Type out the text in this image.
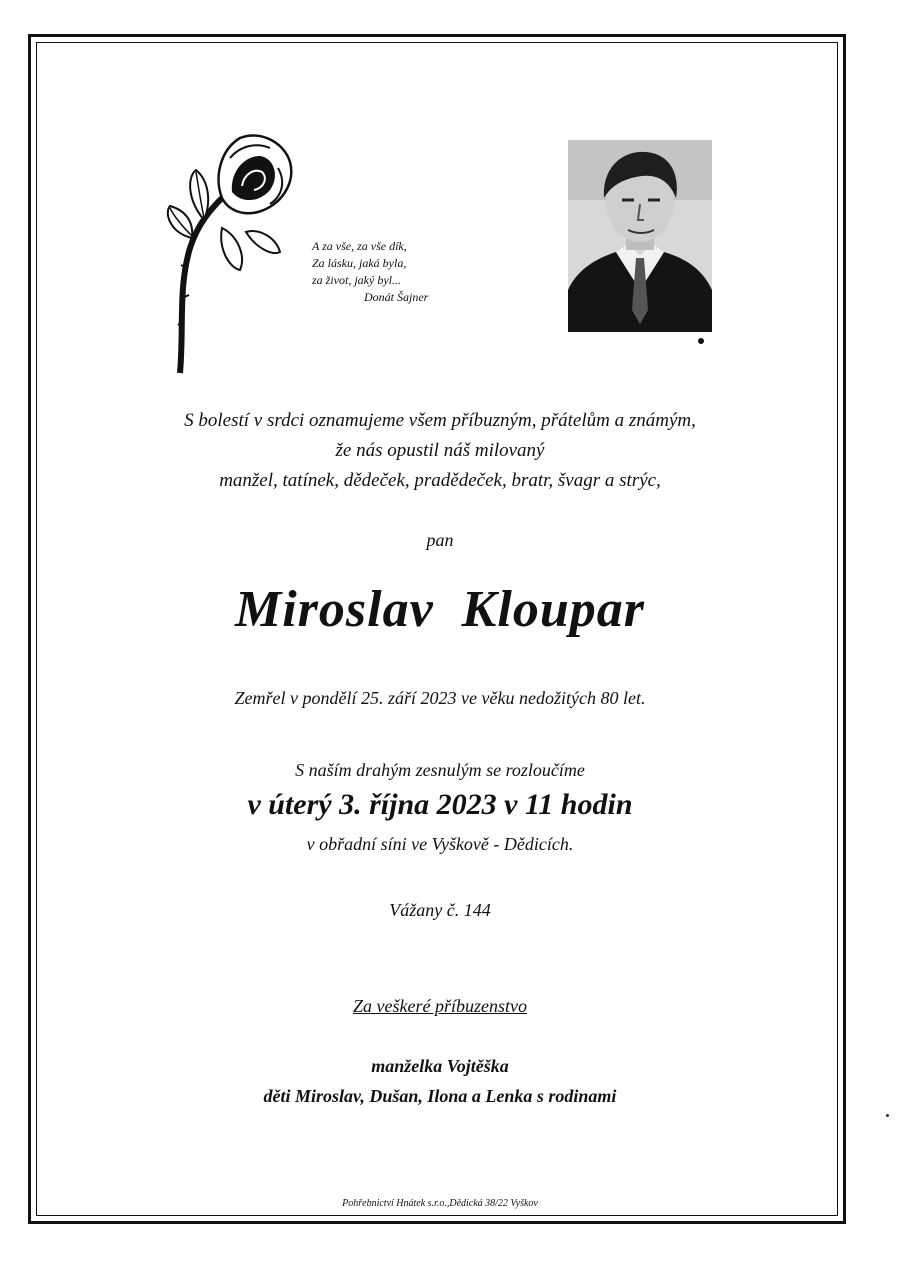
A za vše, za vše dík,
Za lásku, jaká byla,
za život, jaký byl...
Donát Šajner
S bolestí v srdci oznamujeme všem příbuzným, přátelům a známým,
že nás opustil náš milovaný
manžel, tatínek, dědeček, pradědeček, bratr, švagr a strýc,
pan
Miroslav  Kloupar
Zemřel v pondělí 25. září 2023 ve věku nedožitých 80 let.
S naším drahým zesnulým se rozloučíme
v úterý 3. října 2023 v 11 hodin
v obřadní síni ve Vyškově - Dědicích.
Vážany č. 144
Za veškeré příbuzenstvo
manželka Vojtěška
děti Miroslav, Dušan, Ilona a Lenka s rodinami
Pohřebnictví Hnátek s.r.o.,Dědická 38/22 Vyškov
